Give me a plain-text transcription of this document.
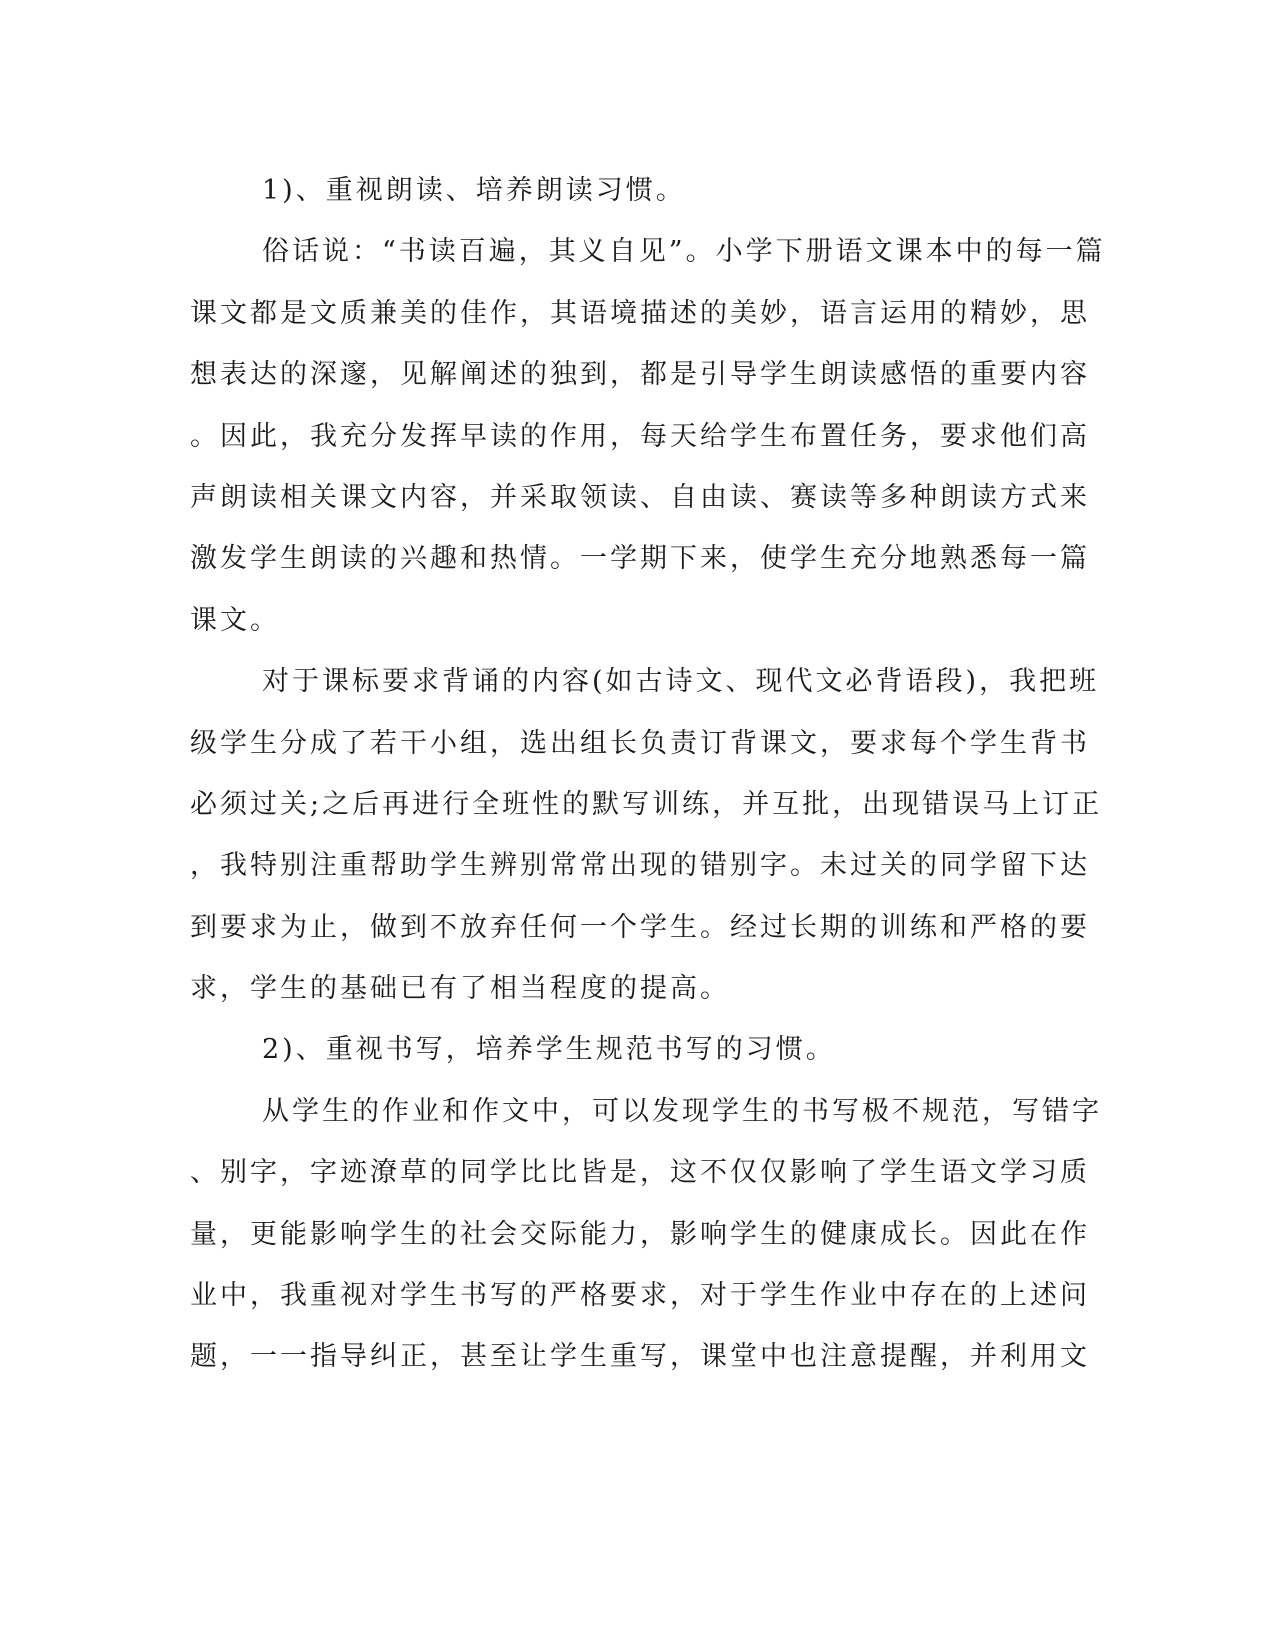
1)、重视朗读、培养朗读习惯。
俗话说：“书读百遍，其义自见”。小学下册语文课本中的每一篇
课文都是文质兼美的佳作，其语境描述的美妙，语言运用的精妙，思
想表达的深邃，见解阐述的独到，都是引导学生朗读感悟的重要内容
。因此，我充分发挥早读的作用，每天给学生布置任务，要求他们高
声朗读相关课文内容，并采取领读、自由读、赛读等多种朗读方式来
激发学生朗读的兴趣和热情。一学期下来，使学生充分地熟悉每一篇
课文。
对于课标要求背诵的内容(如古诗文、现代文必背语段)，我把班
级学生分成了若干小组，选出组长负责订背课文，要求每个学生背书
必须过关;之后再进行全班性的默写训练，并互批，出现错误马上订正
，我特别注重帮助学生辨别常常出现的错别字。未过关的同学留下达
到要求为止，做到不放弃任何一个学生。经过长期的训练和严格的要
求，学生的基础已有了相当程度的提高。
2)、重视书写，培养学生规范书写的习惯。
从学生的作业和作文中，可以发现学生的书写极不规范，写错字
、别字，字迹潦草的同学比比皆是，这不仅仅影响了学生语文学习质
量，更能影响学生的社会交际能力，影响学生的健康成长。因此在作
业中，我重视对学生书写的严格要求，对于学生作业中存在的上述问
题，一一指导纠正，甚至让学生重写，课堂中也注意提醒，并利用文
